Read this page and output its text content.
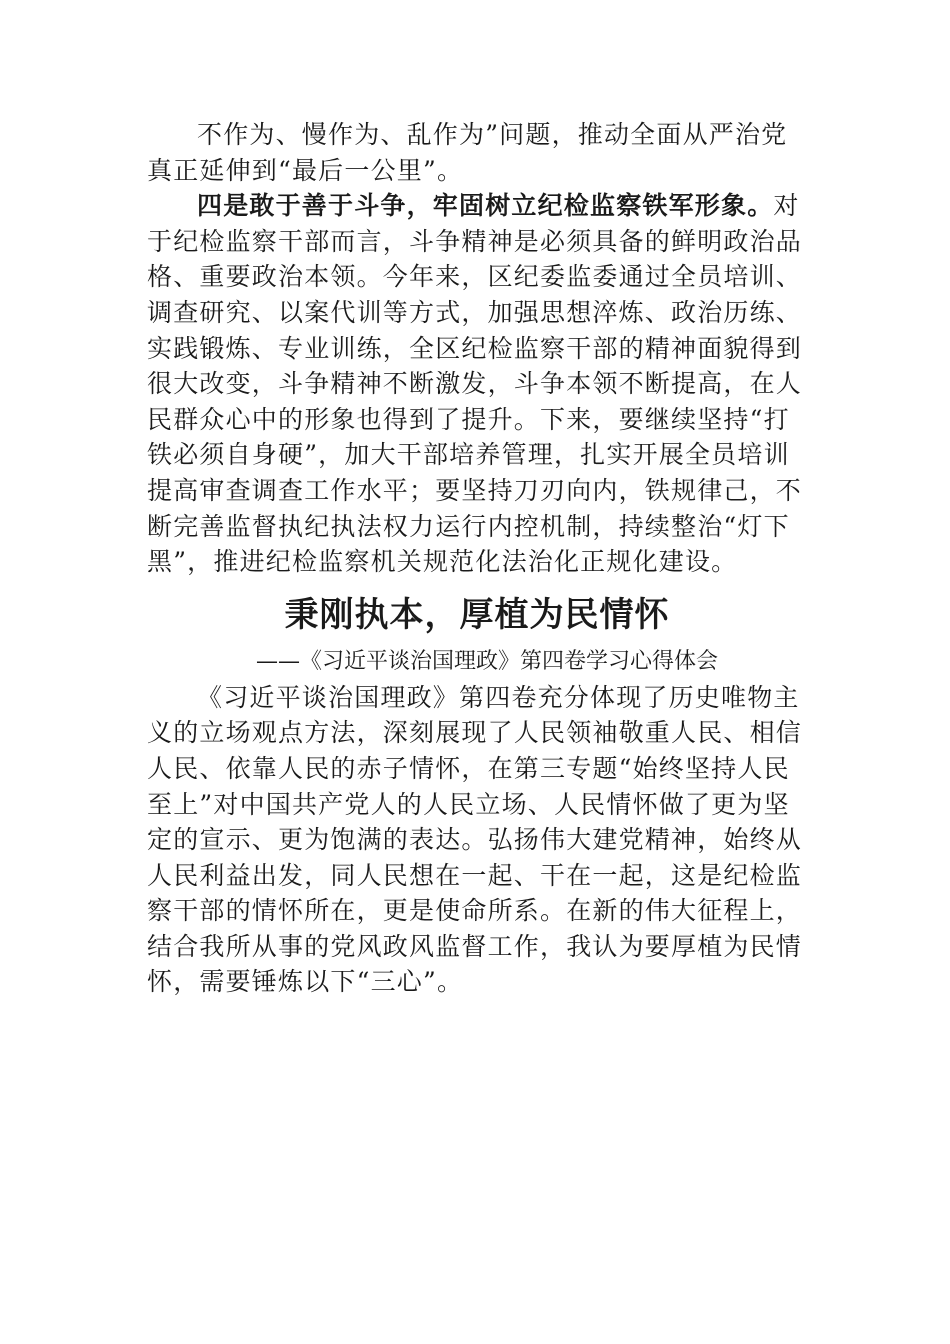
不作为、慢作为、乱作为”问题，推动全面从严治党
真正延伸到“最后一公里”。
四是敢于善于斗争，牢固树立纪检监察铁军形象。对
于纪检监察干部而言，斗争精神是必须具备的鲜明政治品
格、重要政治本领。今年来，区纪委监委通过全员培训、
调查研究、以案代训等方式，加强思想淬炼、政治历练、
实践锻炼、专业训练，全区纪检监察干部的精神面貌得到
很大改变，斗争精神不断激发，斗争本领不断提高，在人
民群众心中的形象也得到了提升。下来，要继续坚持“打
铁必须自身硬”，加大干部培养管理，扎实开展全员培训
提高审查调查工作水平；要坚持刀刃向内，铁规律己，不
断完善监督执纪执法权力运行内控机制，持续整治“灯下
黑”，推进纪检监察机关规范化法治化正规化建设。
秉刚执本，厚植为民情怀
——《习近平谈治国理政》第四卷学习心得体会
《习近平谈治国理政》第四卷充分体现了历史唯物主
义的立场观点方法，深刻展现了人民领袖敬重人民、相信
人民、依靠人民的赤子情怀，在第三专题“始终坚持人民
至上”对中国共产党人的人民立场、人民情怀做了更为坚
定的宣示、更为饱满的表达。弘扬伟大建党精神，始终从
人民利益出发，同人民想在一起、干在一起，这是纪检监
察干部的情怀所在，更是使命所系。在新的伟大征程上，
结合我所从事的党风政风监督工作，我认为要厚植为民情
怀，需要锤炼以下“三心”。
